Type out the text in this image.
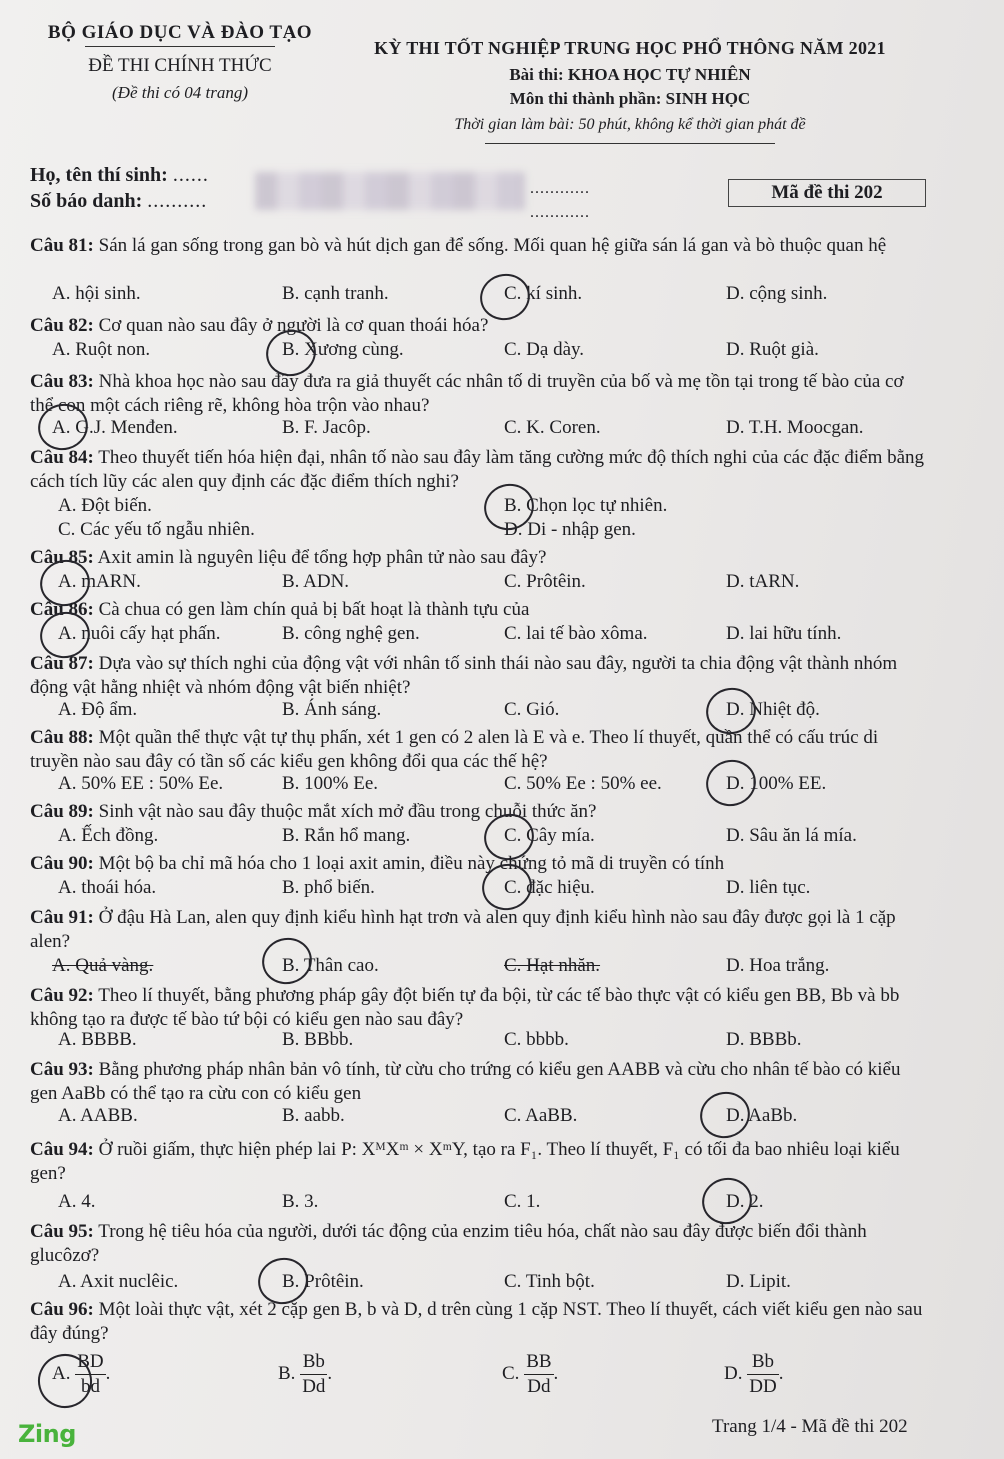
BỘ GIÁO DỤC VÀ ĐÀO TẠO
ĐỀ THI CHÍNH THỨC
(Đề thi có 04 trang)
KỲ THI TỐT NGHIỆP TRUNG HỌC PHỔ THÔNG NĂM 2021
Bài thi: KHOA HỌC TỰ NHIÊN
Môn thi thành phần: SINH HỌC
Thời gian làm bài: 50 phút, không kể thời gian phát đề
Họ, tên thí sinh: ......
Số báo danh: ..........
............
............
Mã đề thi 202
Câu 81: Sán lá gan sống trong gan bò và hút dịch gan để sống. Mối quan hệ giữa sán lá gan và bò thuộc quan hệ
A. hội sinh.	B. cạnh tranh.	C. kí sinh.	D. cộng sinh.
Câu 82: Cơ quan nào sau đây ở người là cơ quan thoái hóa?
A. Ruột non.	B. Xương cùng.	C. Dạ dày.	D. Ruột già.
Câu 83: Nhà khoa học nào sau đây đưa ra giả thuyết các nhân tố di truyền của bố và mẹ tồn tại trong tế bào của cơ thể con một cách riêng rẽ, không hòa trộn vào nhau?
A. G.J. Menđen.	B. F. Jacôp.	C. K. Coren.	D. T.H. Moocgan.
Câu 84: Theo thuyết tiến hóa hiện đại, nhân tố nào sau đây làm tăng cường mức độ thích nghi của các đặc điểm bằng cách tích lũy các alen quy định các đặc điểm thích nghi?
A. Đột biến.	B. Chọn lọc tự nhiên.
C. Các yếu tố ngẫu nhiên.	D. Di - nhập gen.
Câu 85: Axit amin là nguyên liệu để tổng hợp phân tử nào sau đây?
A. mARN.	B. ADN.	C. Prôtêin.	D. tARN.
Câu 86: Cà chua có gen làm chín quả bị bất hoạt là thành tựu của
A. nuôi cấy hạt phấn.	B. công nghệ gen.	C. lai tế bào xôma.	D. lai hữu tính.
Câu 87: Dựa vào sự thích nghi của động vật với nhân tố sinh thái nào sau đây, người ta chia động vật thành nhóm động vật hằng nhiệt và nhóm động vật biến nhiệt?
A. Độ ẩm.	B. Ánh sáng.	C. Gió.	D. Nhiệt độ.
Câu 88: Một quần thể thực vật tự thụ phấn, xét 1 gen có 2 alen là E và e. Theo lí thuyết, quần thể có cấu trúc di truyền nào sau đây có tần số các kiểu gen không đổi qua các thế hệ?
A. 50% EE : 50% Ee.	B. 100% Ee.	C. 50% Ee : 50% ee.	D. 100% EE.
Câu 89: Sinh vật nào sau đây thuộc mắt xích mở đầu trong chuỗi thức ăn?
A. Ếch đồng.	B. Rắn hổ mang.	C. Cây mía.	D. Sâu ăn lá mía.
Câu 90: Một bộ ba chỉ mã hóa cho 1 loại axit amin, điều này chứng tỏ mã di truyền có tính
A. thoái hóa.	B. phổ biến.	C. đặc hiệu.	D. liên tục.
Câu 91: Ở đậu Hà Lan, alen quy định kiểu hình hạt trơn và alen quy định kiểu hình nào sau đây được gọi là 1 cặp alen?
A. Quả vàng.	B. Thân cao.	C. Hạt nhăn.	D. Hoa trắng.
Câu 92: Theo lí thuyết, bằng phương pháp gây đột biến tự đa bội, từ các tế bào thực vật có kiểu gen BB, Bb và bb không tạo ra được tế bào tứ bội có kiểu gen nào sau đây?
A. BBBB.	B. BBbb.	C. bbbb.	D. BBBb.
Câu 93: Bằng phương pháp nhân bản vô tính, từ cừu cho trứng có kiểu gen AABB và cừu cho nhân tế bào có kiểu gen AaBb có thể tạo ra cừu con có kiểu gen
A. AABB.	B. aabb.	C. AaBB.	D. AaBb.
Câu 94: Ở ruồi giấm, thực hiện phép lai P: XᴹXᵐ × XᵐY, tạo ra F₁. Theo lí thuyết, F₁ có tối đa bao nhiêu loại kiểu gen?
A. 4.	B. 3.	C. 1.	D. 2.
Câu 95: Trong hệ tiêu hóa của người, dưới tác động của enzim tiêu hóa, chất nào sau đây được biến đổi thành glucôzơ?
A. Axit nuclêic.	B. Prôtêin.	C. Tinh bột.	D. Lipit.
Câu 96: Một loài thực vật, xét 2 cặp gen B, b và D, d trên cùng 1 cặp NST. Theo lí thuyết, cách viết kiểu gen nào sau đây đúng?
A. $\frac{BD}{bd}$ .	B. $\frac{Bb}{Dd}$ .	C. $\frac{BB}{Dd}$ .	D. $\frac{Bb}{DD}$ .
Zing	Trang 1/4 - Mã đề thi 202
